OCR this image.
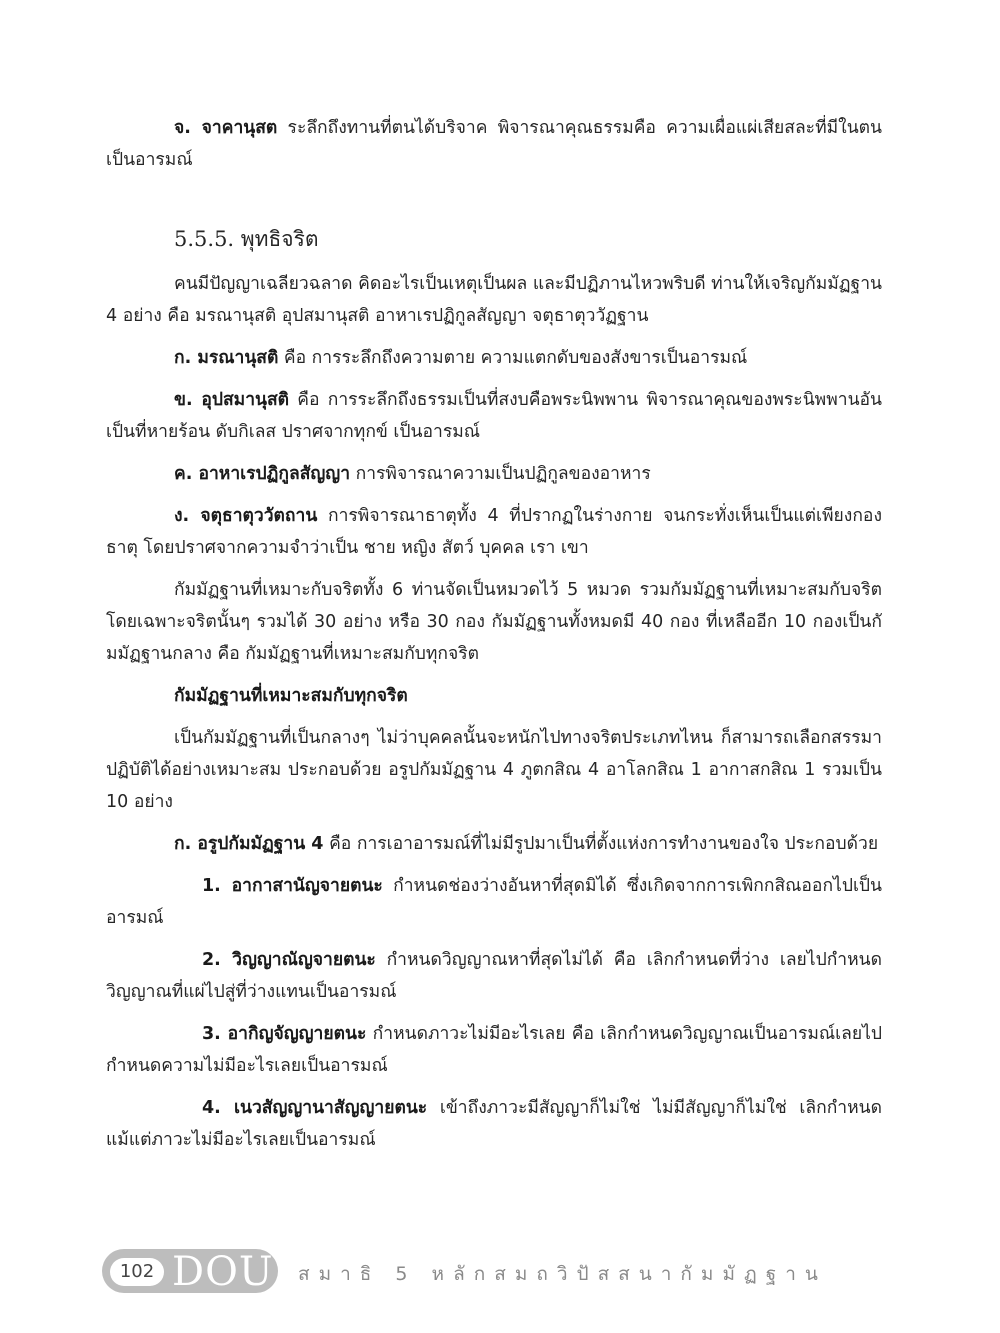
จ. จาคานุสต ระลึกถึงทานที่ตนได้บริจาค พิจารณาคุณธรรมคือ ความเผื่อแผ่เสียสละที่มีในตนเป็นอารมณ์

5.5.5. พุทธิจริต

คนมีปัญญาเฉลียวฉลาด คิดอะไรเป็นเหตุเป็นผล และมีปฏิภานไหวพริบดี ท่านให้เจริญกัมมัฏฐาน 4 อย่าง คือ มรณานุสติ อุปสมานุสติ อาหาเรปฏิกูลสัญญา จตุธาตุววัฏฐาน

ก. มรณานุสติ คือ การระลึกถึงความตาย ความแตกดับของสังขารเป็นอารมณ์

ข. อุปสมานุสติ คือ การระลึกถึงธรรมเป็นที่สงบคือพระนิพพาน พิจารณาคุณของพระนิพพานอันเป็นที่หายร้อน ดับกิเลส ปราศจากทุกข์ เป็นอารมณ์

ค. อาหาเรปฏิกูลสัญญา การพิจารณาความเป็นปฏิกูลของอาหาร

ง. จตุธาตุววัตถาน การพิจารณาธาตุทั้ง 4 ที่ปรากฏในร่างกาย จนกระทั่งเห็นเป็นแต่เพียงกองธาตุ โดยปราศจากความจำว่าเป็น ชาย หญิง สัตว์ บุคคล เรา เขา

กัมมัฏฐานที่เหมาะกับจริตทั้ง 6 ท่านจัดเป็นหมวดไว้ 5 หมวด รวมกัมมัฏฐานที่เหมาะสมกับจริตโดยเฉพาะจริตนั้นๆ รวมได้ 30 อย่าง หรือ 30 กอง กัมมัฏฐานทั้งหมดมี 40 กอง ที่เหลืออีก 10 กองเป็นกัมมัฏฐานกลาง คือ กัมมัฏฐานที่เหมาะสมกับทุกจริต

กัมมัฏฐานที่เหมาะสมกับทุกจริต

เป็นกัมมัฏฐานที่เป็นกลางๆ ไม่ว่าบุคคลนั้นจะหนักไปทางจริตประเภทไหน ก็สามารถเลือกสรรมาปฏิบัติได้อย่างเหมาะสม ประกอบด้วย อรูปกัมมัฏฐาน 4 ภูตกสิณ 4 อาโลกสิณ 1 อากาสกสิณ 1 รวมเป็น 10 อย่าง

ก. อรูปกัมมัฏฐาน 4 คือ การเอาอารมณ์ที่ไม่มีรูปมาเป็นที่ตั้งแห่งการทำงานของใจ ประกอบด้วย

1. อากาสานัญจายตนะ กำหนดช่องว่างอันหาที่สุดมิได้ ซึ่งเกิดจากการเพิกกสิณออกไปเป็นอารมณ์

2. วิญญาณัญจายตนะ กำหนดวิญญาณหาที่สุดไม่ได้ คือ เลิกกำหนดที่ว่าง เลยไปกำหนดวิญญาณที่แผ่ไปสู่ที่ว่างแทนเป็นอารมณ์

3. อากิญจัญญายตนะ กำหนดภาวะไม่มีอะไรเลย คือ เลิกกำหนดวิญญาณเป็นอารมณ์เลยไปกำหนดความไม่มีอะไรเลยเป็นอารมณ์

4. เนวสัญญานาสัญญายตนะ เข้าถึงภาวะมีสัญญาก็ไม่ใช่ ไม่มีสัญญาก็ไม่ใช่ เลิกกำหนดแม้แต่ภาวะไม่มีอะไรเลยเป็นอารมณ์

102 DOU สมาธิ 5 หลักสมถวิปัสสนากัมมัฏฐาน
